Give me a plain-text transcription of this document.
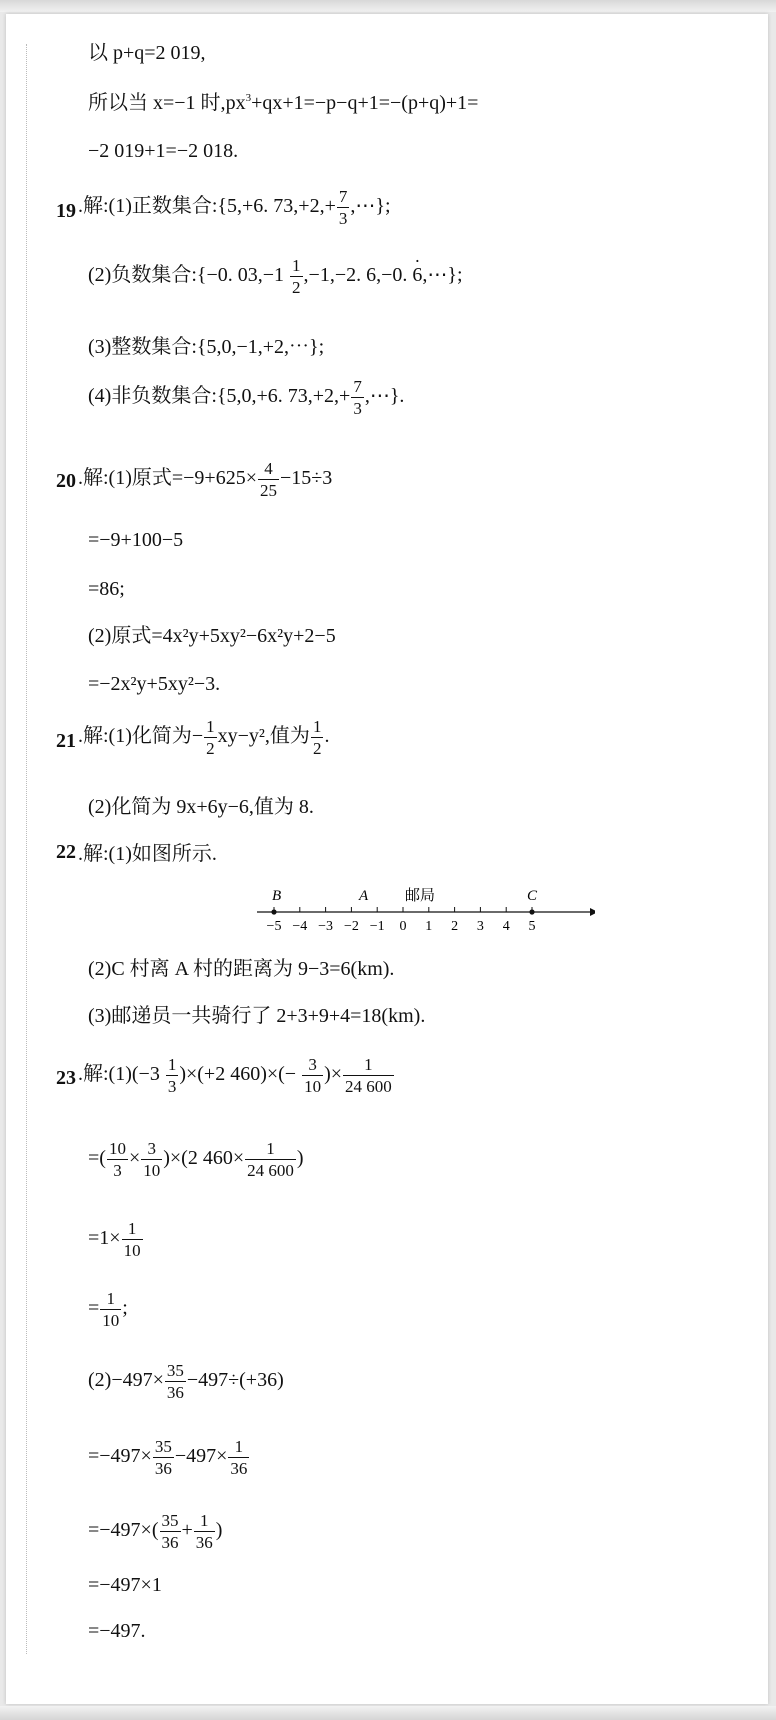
以 p+q=2 019,
所以当 x=−1 时$,px^3+qx+1=-p-q+1=-(p+q)+1=$
−2 019+1=−2 018.
19 .解:(1)正数集合:{5,+6. $73,+2,+ \frac{7}{3}$ ,⋯};
(2)负数集合:{−0. $03,-1 \frac{1}{2} ,-1,-2$. 6,−0. 6 ·,⋯};
(3)整数集合:{5,0,−1,+2,⋯};
(4)非负数集合:{5,0,+6. $73,+2,+ \frac{7}{3}$ ,⋯}.
20 .解:(1)原式$=-9+625\times \frac{4}{25} -15\div 3$
=−9+100−5
=86;
(2)原式=4x²y+5xy²−6x²y+2−5
=−2x²y+5xy²−3.
21 .解:(1)化简为− $\frac{1}{2} xy-y^2$,值为 $\frac{1}{2}$ .
(2)化简为 9x+6y−6,值为 8.
22 .解:(1)如图所示.
−5 −4 −3 −2 −1 0 1 2 3 4 5
B	A 邮局	C
(2)C 村离 A 村的距离为 9−3=6(km).
(3)邮递员一共骑行了 2+3+9+4=18(km).
23 .解:(1)(−3 $\frac{1}{3} )\times(+2$ $460)\times(- \frac{3}{10}$ )× $\frac{1}{24 600}$
=( $\frac{10}{3} \times \frac{3}{10} )\times(2$ $460\times \frac{1}{24 600}$ )
$=1\times \frac{1}{10}$
= $\frac{1}{10}$ ;
$(2)-497\times \frac{35}{36} -497\div(+36)$
$=-497\times \frac{35}{36} -497\times \frac{1}{36}$
$=-497\times( \frac{35}{36} + \frac{1}{36}$ )
=−497×1
=−497.
